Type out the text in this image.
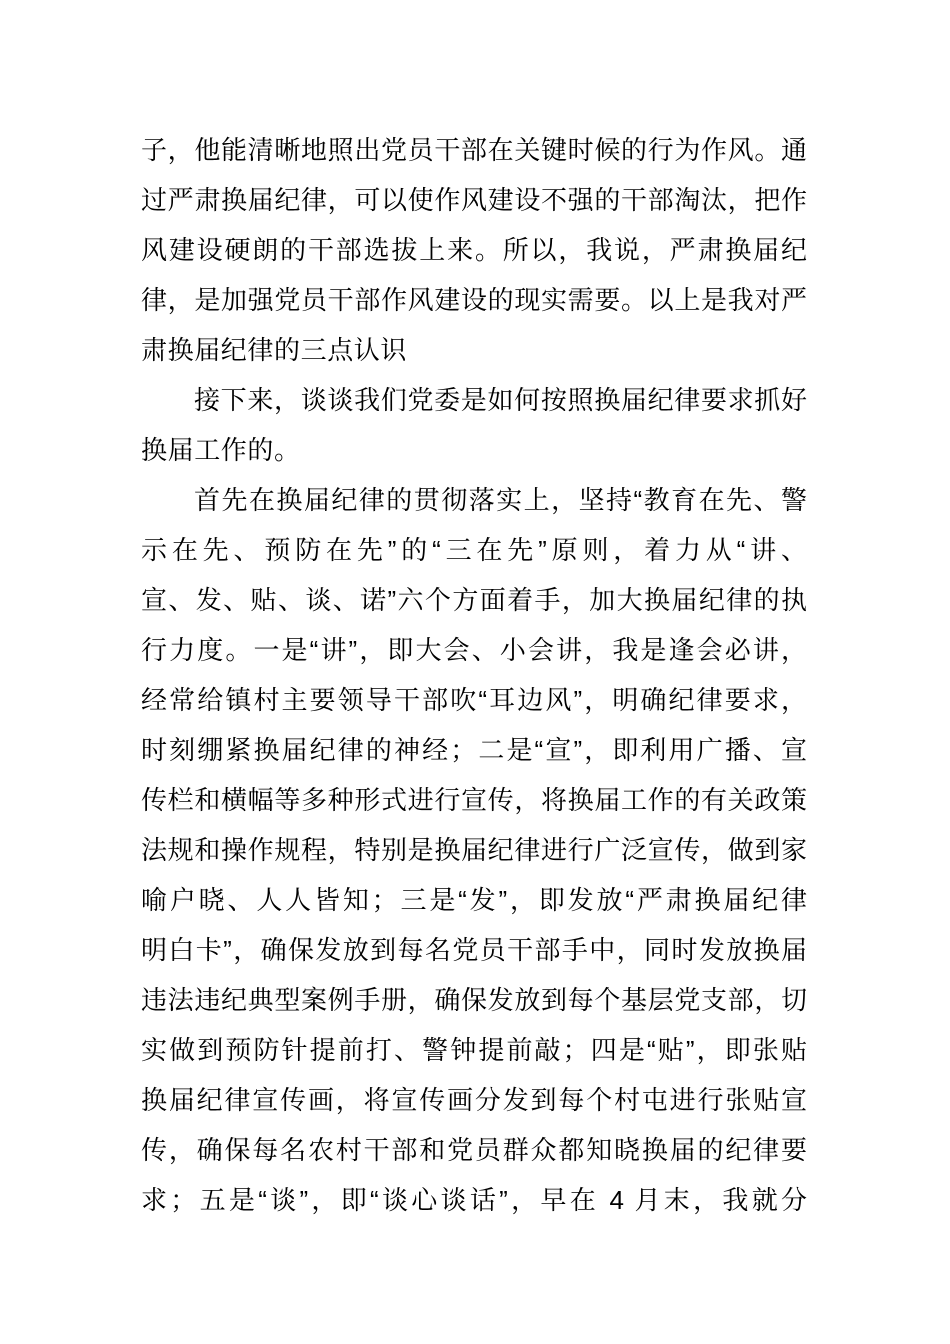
子，他能清晰地照出党员干部在关键时候的行为作风。通
过严肃换届纪律，可以使作风建设不强的干部淘汰，把作
风建设硬朗的干部选拔上来。所以，我说，严肃换届纪
律，是加强党员干部作风建设的现实需要。以上是我对严
肃换届纪律的三点认识
接下来，谈谈我们党委是如何按照换届纪律要求抓好
换届工作的。
首先在换届纪律的贯彻落实上，坚持“教育在先、警
示在先、预防在先”的“三在先”原则，着力从“讲、
宣、发、贴、谈、诺”六个方面着手，加大换届纪律的执
行力度。一是“讲”，即大会、小会讲，我是逢会必讲，
经常给镇村主要领导干部吹“耳边风”，明确纪律要求，
时刻绷紧换届纪律的神经；二是“宣”，即利用广播、宣
传栏和横幅等多种形式进行宣传，将换届工作的有关政策
法规和操作规程，特别是换届纪律进行广泛宣传，做到家
喻户晓、人人皆知；三是“发”，即发放“严肃换届纪律
明白卡”，确保发放到每名党员干部手中，同时发放换届
违法违纪典型案例手册，确保发放到每个基层党支部，切
实做到预防针提前打、警钟提前敲；四是“贴”，即张贴
换届纪律宣传画，将宣传画分发到每个村屯进行张贴宣
传，确保每名农村干部和党员群众都知晓换届的纪律要
求；五是“谈”，即“谈心谈话”，早在 4 月末，我就分
